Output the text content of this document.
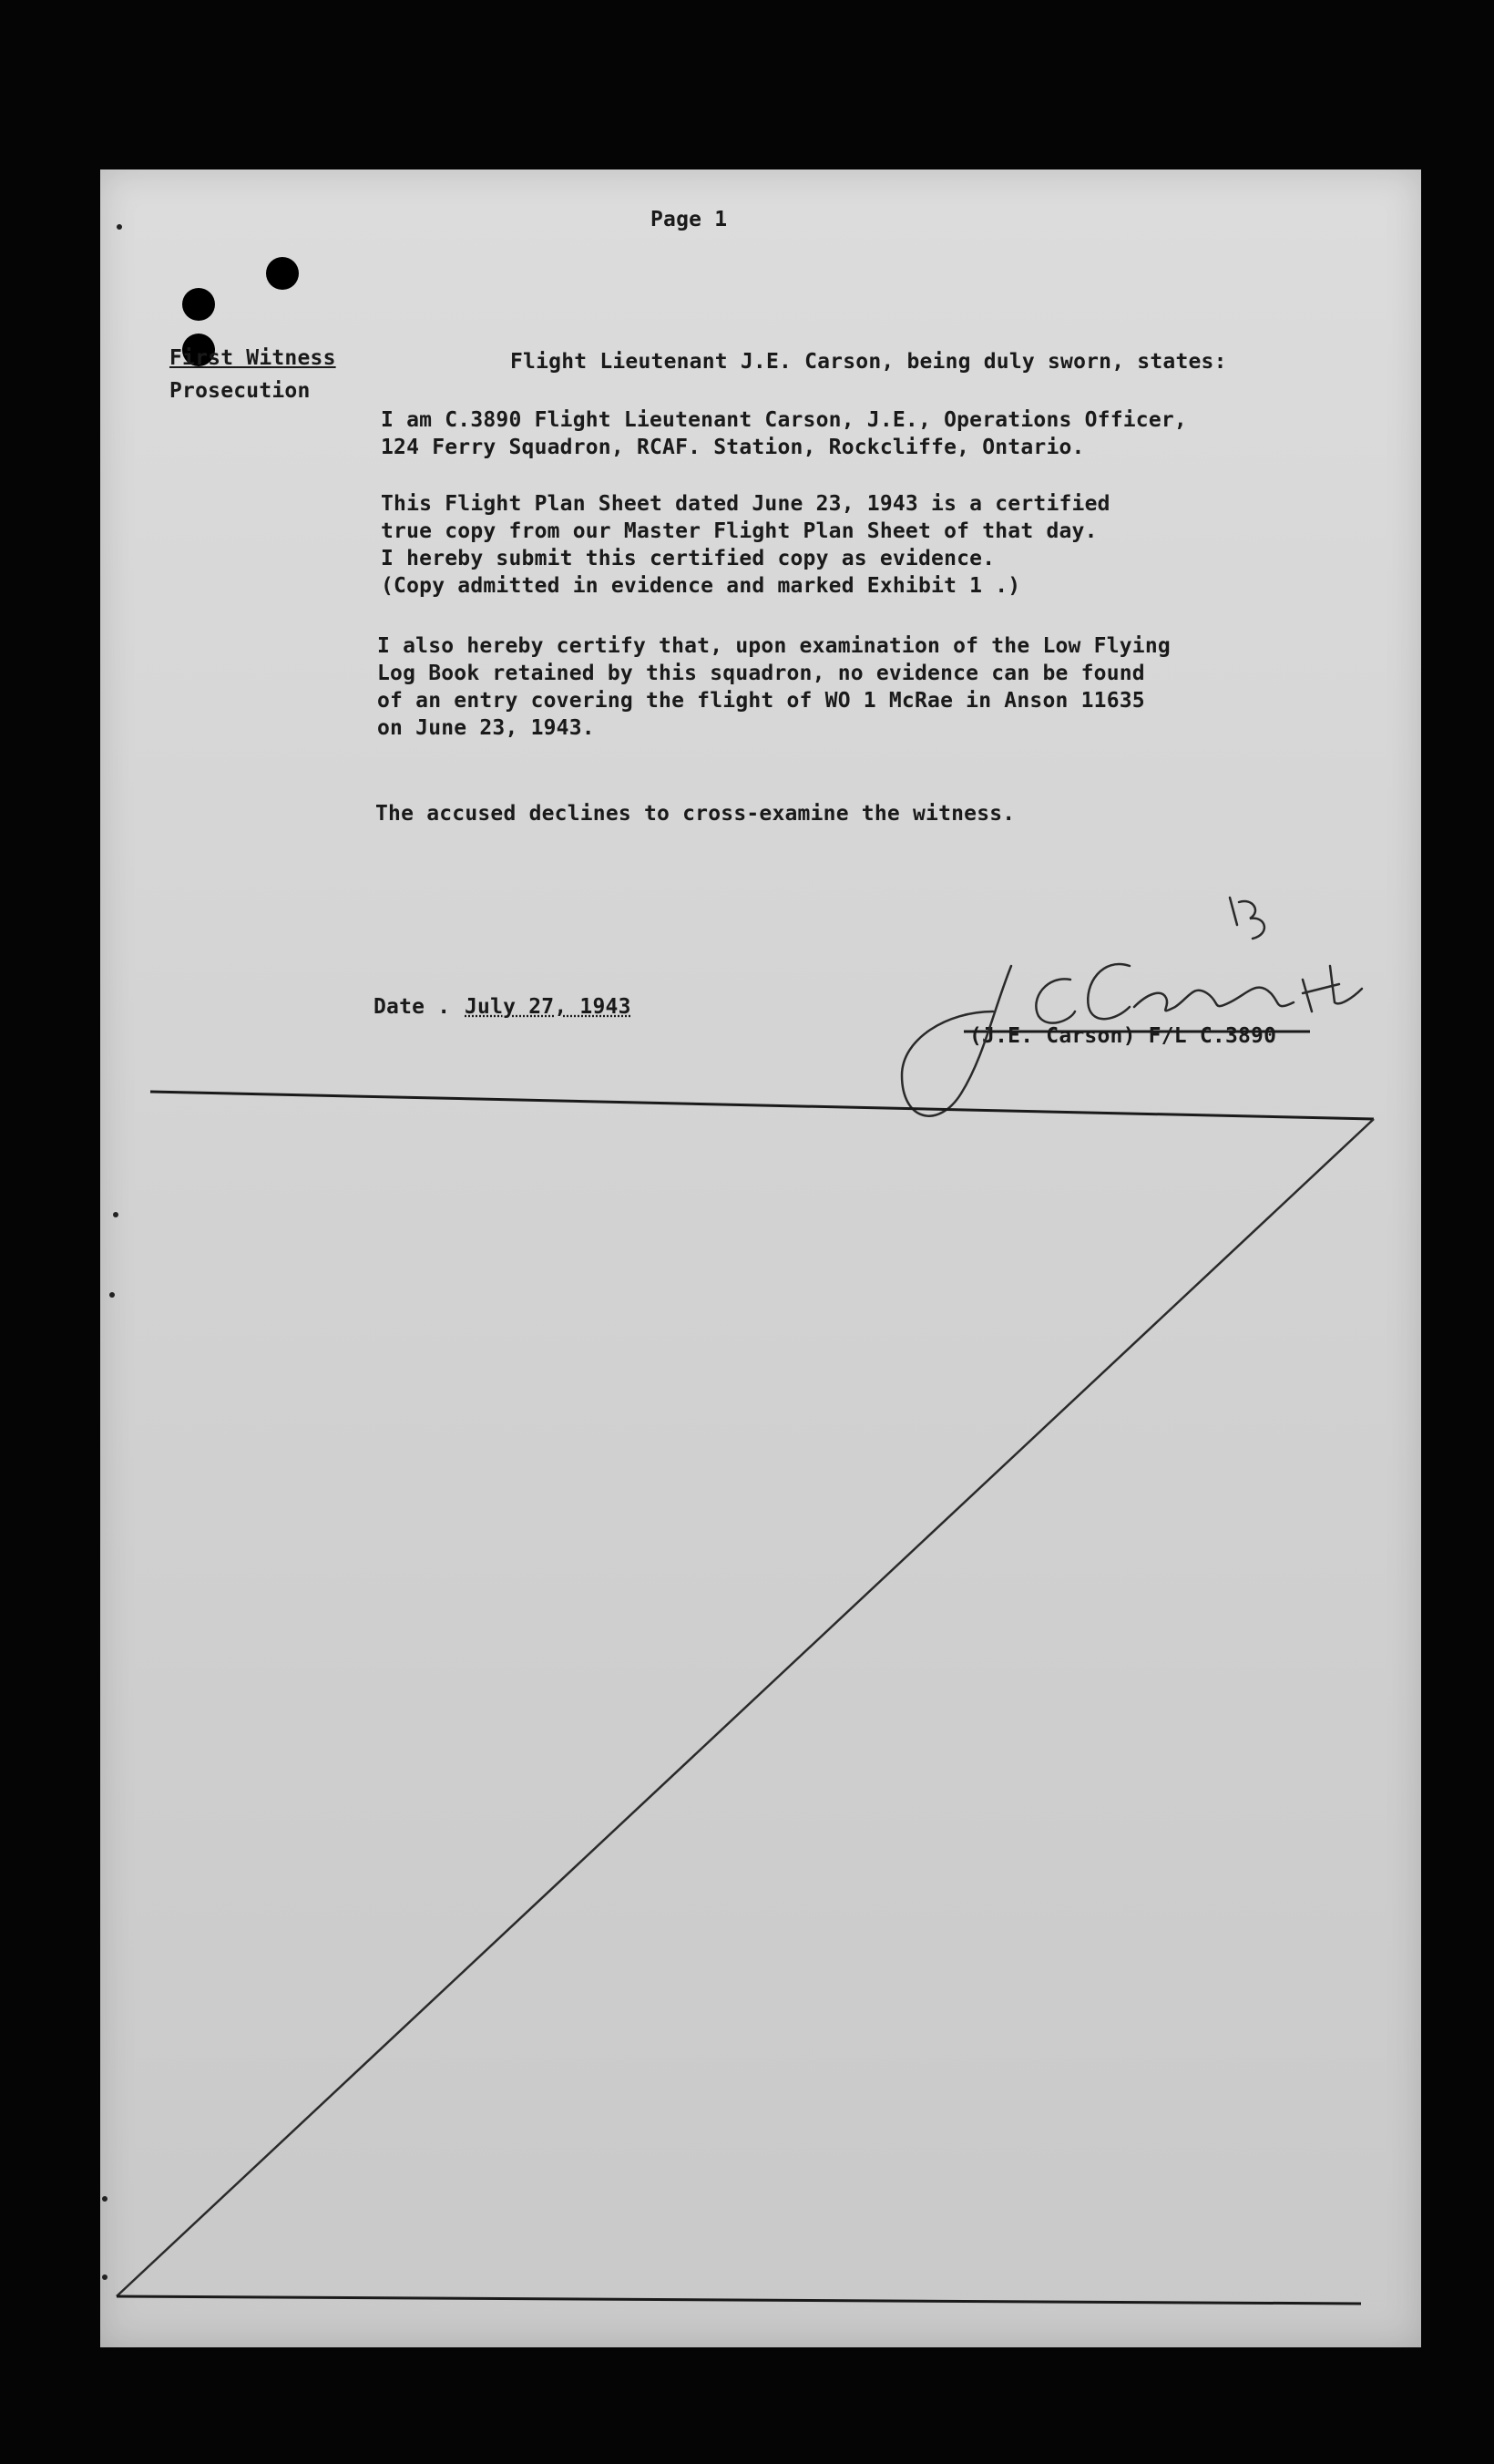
Page 1
First Witness
Prosecution
Flight Lieutenant J.E. Carson, being duly sworn, states:
I am C.3890 Flight Lieutenant Carson, J.E., Operations Officer,
124 Ferry Squadron, RCAF. Station, Rockcliffe, Ontario.
This Flight Plan Sheet dated June 23, 1943 is a certified
true copy from our Master Flight Plan Sheet of that day.
I hereby submit this certified copy as evidence.
(Copy admitted in evidence and marked Exhibit 1 .)
I also hereby certify that, upon examination of the Low Flying
Log Book retained by this squadron, no evidence can be found
of an entry covering the flight of WO 1 McRae in Anson 11635
on June 23, 1943.
The accused declines to cross-examine the witness.
Date . July 27, 1943
(J.E. Carson) F/L C.3890
